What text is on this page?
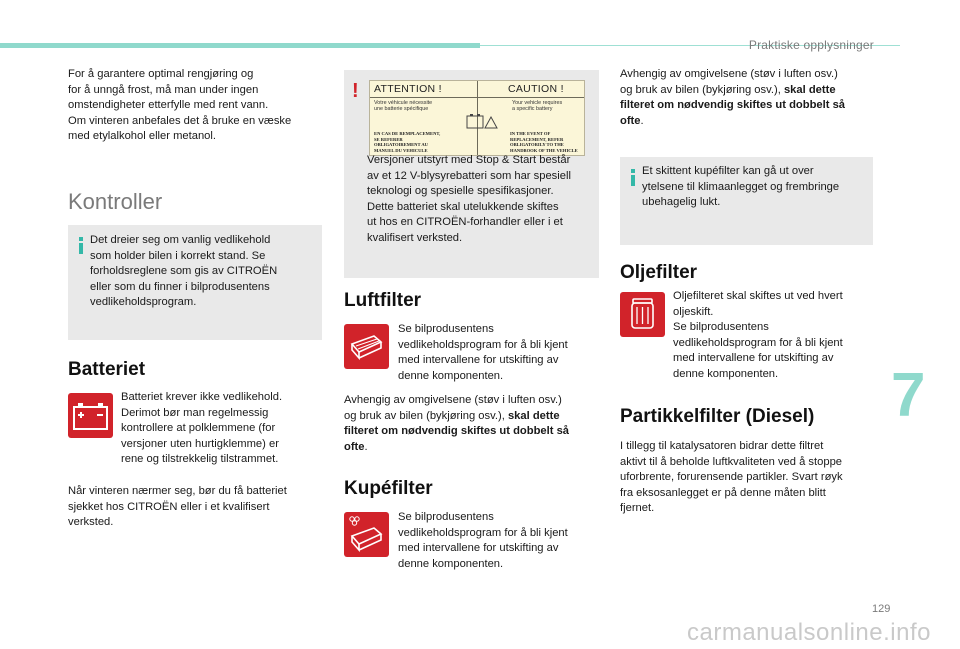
Praktiske opplysninger
For å garantere optimal rengjøring og
for å unngå frost, må man under ingen
omstendigheter etterfylle med rent vann.
Om vinteren anbefales det å bruke en væske
med etylalkohol eller metanol.
Kontroller
Det dreier seg om vanlig vedlikehold
som holder bilen i korrekt stand. Se
forholdsreglene som gis av CITROËN
eller som du finner i bilprodusentens
vedlikeholdsprogram.
Batteriet
Batteriet krever ikke vedlikehold.
Derimot bør man regelmessig
kontrollere at polklemmene (for
versjoner uten hurtigklemme) er
rene og tilstrekkelig tilstrammet.
Når vinteren nærmer seg, bør du få batteriet
sjekket hos CITROËN eller i et kvalifisert
verksted.
! ATTENTION !	CAUTION !
Votre véhicule nécessite
une batterie spécifique
Your vehicle requires
a specific battery
EN CAS DE REMPLACEMENT,
SE REFERER
OBLIGATOIREMENT AU
MANUEL DU VEHICULE
IN THE EVENT OF
REPLACEMENT, REFER
OBLIGATORILY TO THE
HANDBOOK OF THE VEHICLE
Versjoner utstyrt med Stop & Start består
av et 12 V-blysyrebatteri som har spesiell
teknologi og spesielle spesifikasjoner.
Dette batteriet skal utelukkende skiftes
ut hos en CITROËN-forhandler eller i et
kvalifisert verksted.
Luftfilter
Se bilprodusentens
vedlikeholdsprogram for å bli kjent
med intervallene for utskifting av
denne komponenten.
Avhengig av omgivelsene (støv i luften osv.)
og bruk av bilen (bykjøring osv.), skal dette
filteret om nødvendig skiftes ut dobbelt så
ofte.
Kupéfilter
Se bilprodusentens
vedlikeholdsprogram for å bli kjent
med intervallene for utskifting av
denne komponenten.
Avhengig av omgivelsene (støv i luften osv.)
og bruk av bilen (bykjøring osv.), skal dette
filteret om nødvendig skiftes ut dobbelt så
ofte.
Et skittent kupéfilter kan gå ut over
ytelsene til klimaanlegget og frembringe
ubehagelig lukt.
Oljefilter
Oljefilteret skal skiftes ut ved hvert
oljeskift.
Se bilprodusentens
vedlikeholdsprogram for å bli kjent
med intervallene for utskifting av
denne komponenten.
Partikkelfilter (Diesel)
I tillegg til katalysatoren bidrar dette filtret
aktivt til å beholde luftkvaliteten ved å stoppe
uforbrente, forurensende partikler. Svart røyk
fra eksosanlegget er på denne måten blitt
fjernet.
7
129
carmanualsonline.info
